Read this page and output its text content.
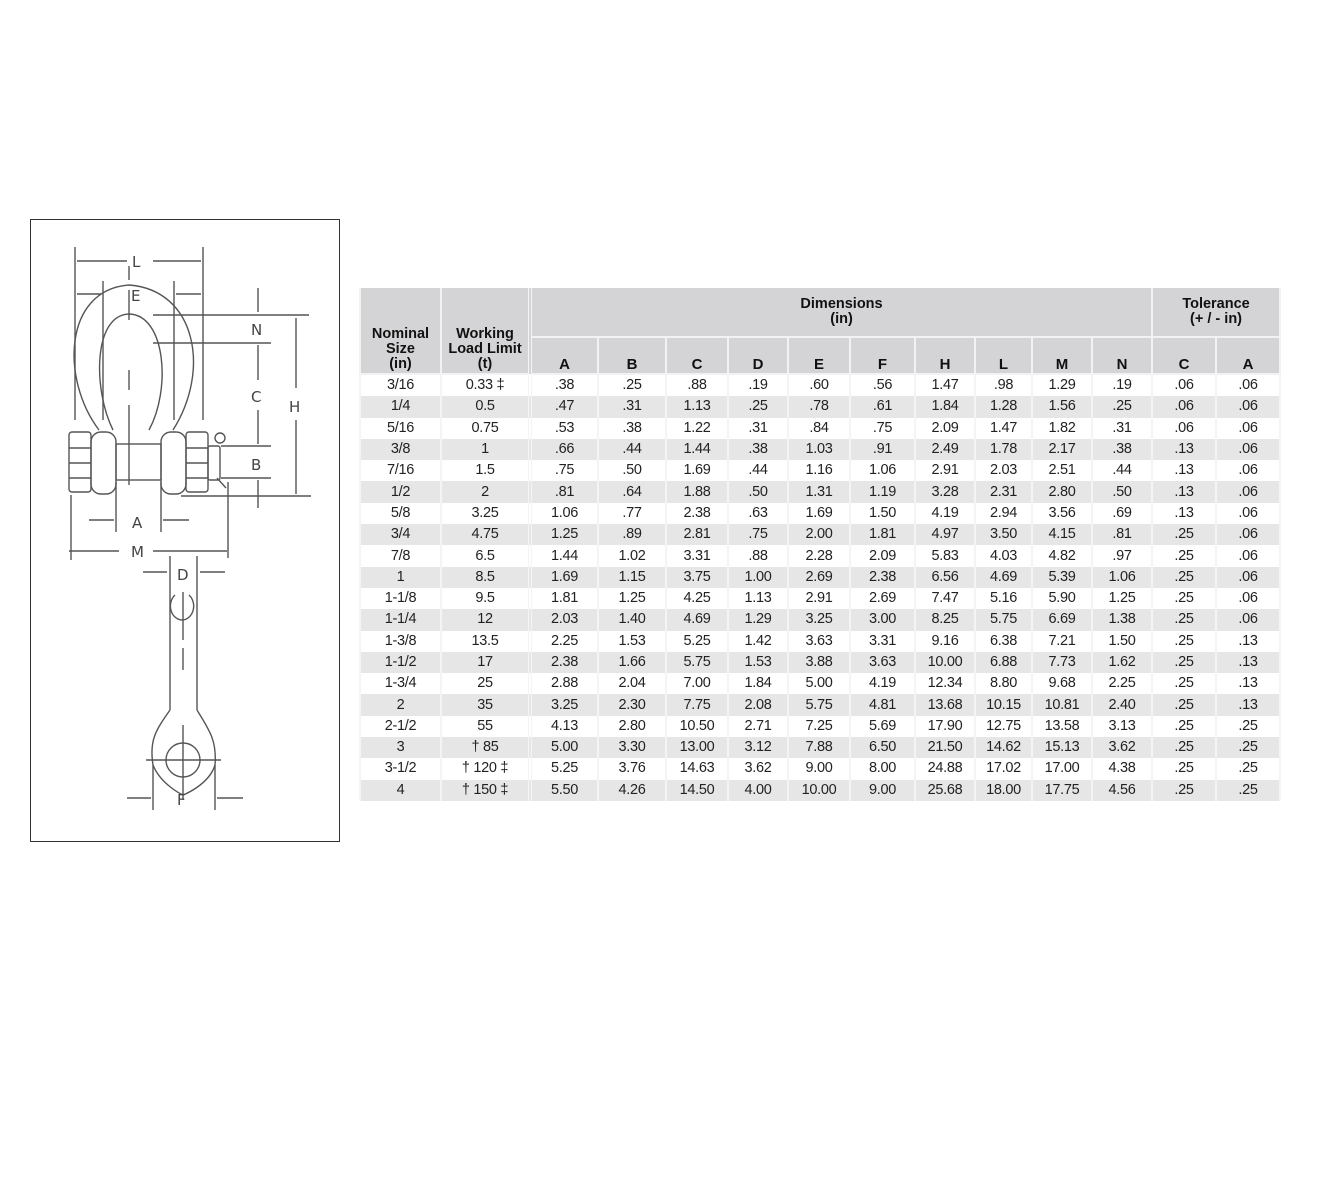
L
E
N
C
H
B
A
M
D
F
Nominal
Size
(in)

Working
Load Limit
(t)

Dimensions
(in)

Tolerance
(+ / - in)

		A	B	C	D	E	F	H	L	M	N	C	A
3/16	0.33 ‡	.38	.25	.88	.19	.60	.56	1.47	.98	1.29	.19	.06	.06
1/4	0.5	.47	.31	1.13	.25	.78	.61	1.84	1.28	1.56	.25	.06	.06
5/16	0.75	.53	.38	1.22	.31	.84	.75	2.09	1.47	1.82	.31	.06	.06
3/8	1	.66	.44	1.44	.38	1.03	.91	2.49	1.78	2.17	.38	.13	.06
7/16	1.5	.75	.50	1.69	.44	1.16	1.06	2.91	2.03	2.51	.44	.13	.06
1/2	2	.81	.64	1.88	.50	1.31	1.19	3.28	2.31	2.80	.50	.13	.06
5/8	3.25	1.06	.77	2.38	.63	1.69	1.50	4.19	2.94	3.56	.69	.13	.06
3/4	4.75	1.25	.89	2.81	.75	2.00	1.81	4.97	3.50	4.15	.81	.25	.06
7/8	6.5	1.44	1.02	3.31	.88	2.28	2.09	5.83	4.03	4.82	.97	.25	.06
1	8.5	1.69	1.15	3.75	1.00	2.69	2.38	6.56	4.69	5.39	1.06	.25	.06
1-1/8	9.5	1.81	1.25	4.25	1.13	2.91	2.69	7.47	5.16	5.90	1.25	.25	.06
1-1/4	12	2.03	1.40	4.69	1.29	3.25	3.00	8.25	5.75	6.69	1.38	.25	.06
1-3/8	13.5	2.25	1.53	5.25	1.42	3.63	3.31	9.16	6.38	7.21	1.50	.25	.13
1-1/2	17	2.38	1.66	5.75	1.53	3.88	3.63	10.00	6.88	7.73	1.62	.25	.13
1-3/4	25	2.88	2.04	7.00	1.84	5.00	4.19	12.34	8.80	9.68	2.25	.25	.13
2	35	3.25	2.30	7.75	2.08	5.75	4.81	13.68	10.15	10.81	2.40	.25	.13
2-1/2	55	4.13	2.80	10.50	2.71	7.25	5.69	17.90	12.75	13.58	3.13	.25	.25
3	† 85	5.00	3.30	13.00	3.12	7.88	6.50	21.50	14.62	15.13	3.62	.25	.25
3-1/2	† 120 ‡	5.25	3.76	14.63	3.62	9.00	8.00	24.88	17.02	17.00	4.38	.25	.25
4	† 150 ‡	5.50	4.26	14.50	4.00	10.00	9.00	25.68	18.00	17.75	4.56	.25	.25
